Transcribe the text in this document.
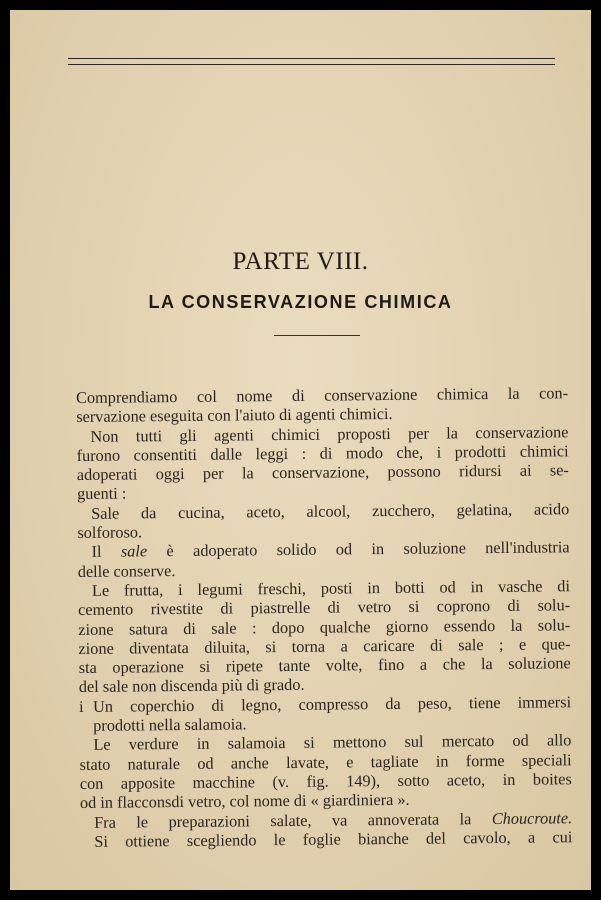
PARTE VIII.
LA CONSERVAZIONE CHIMICA
Comprendiamo col nome di conservazione chimica la con-
servazione eseguita con l'aiuto di agenti chimici.
Non tutti gli agenti chimici proposti per la conservazione
furono consentiti dalle leggi : di modo che, i prodotti chimici
adoperati oggi per la conservazione, possono ridursi ai se-
guenti :
Sale da cucina, aceto, alcool, zucchero, gelatina, acido
solforoso.
Il sale è adoperato solido od in soluzione nell'industria
delle conserve.
Le frutta, i legumi freschi, posti in botti od in vasche di
cemento rivestite di piastrelle di vetro si coprono di solu-
zione satura di sale : dopo qualche giorno essendo la solu-
zione diventata diluita, si torna a caricare di sale ; e que-
sta operazione si ripete tante volte, fino a che la soluzione
del sale non discenda più di grado.
i Un coperchio di legno, compresso da peso, tiene immersi
prodotti nella salamoia.
Le verdure in salamoia si mettono sul mercato od allo
stato naturale od anche lavate, e tagliate in forme speciali
con apposite macchine (v. fig. 149), sotto aceto, in boites
od in flacconsdi vetro, col nome di « giardiniera ».
Fra le preparazioni salate, va annoverata la Choucroute.
Si ottiene scegliendo le foglie bianche del cavolo, a cui
